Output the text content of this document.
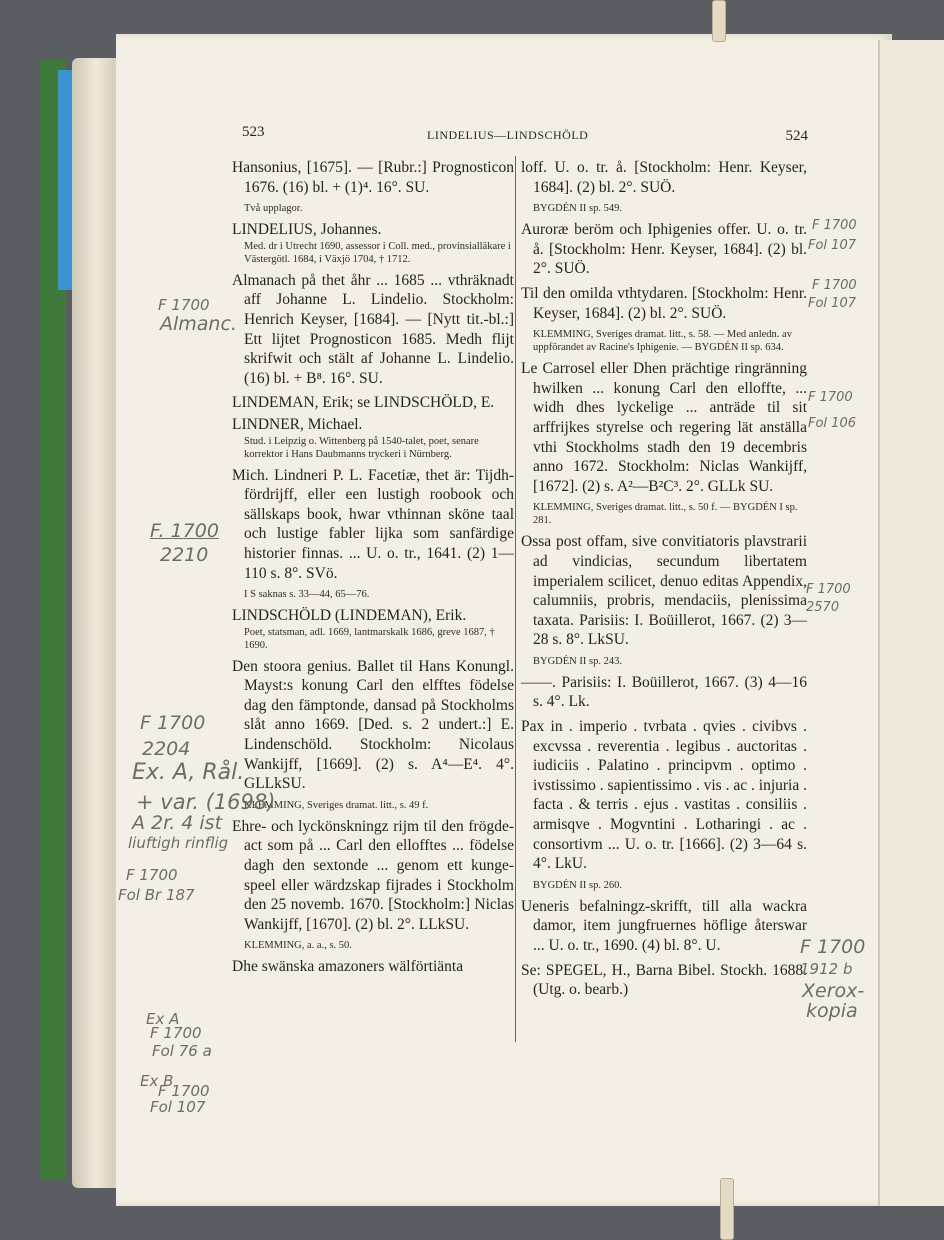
523	LINDELIUS—LINDSCHÖLD	524
Hansonius, [1675]. — [Rubr.:] Prognosticon 1676. (16) bl. + (1)⁴. 16°. SU.
Två upplagor.
LINDELIUS, Johannes.
Med. dr i Utrecht 1690, assessor i Coll. med., provinsialläkare i Västergötl. 1684, i Växjö 1704, † 1712.
Almanach på thet åhr ... 1685 ... vthräknadt aff Johanne L. Lindelio. Stockholm: Henrich Keyser, [1684]. — [Nytt tit.-bl.:] Ett lijtet Prognosticon 1685. Medh flijt skrifwit och stält af Johanne L. Lindelio. (16) bl. + B⁸. 16°. SU.
LINDEMAN, Erik; se LINDSCHÖLD, E.
LINDNER, Michael.
Stud. i Leipzig o. Wittenberg på 1540-talet, poet, senare korrektor i Hans Daubmanns tryckeri i Nürnberg.
Mich. Lindneri P. L. Facetiæ, thet är: Tijdh-fördrijff, eller een lustigh roobook och sällskaps book, hwar vthinnan sköne taal och lustige fabler lijka som sanfärdige historier finnas. ... U. o. tr., 1641. (2) 1—110 s. 8°. SVö.
I S saknas s. 33—44, 65—76.
LINDSCHÖLD (LINDEMAN), Erik.
Poet, statsman, adl. 1669, lantmarskalk 1686, greve 1687, † 1690.
Den stoora genius. Ballet til Hans Konungl. Mayst:s konung Carl den elfftes födelse dag den fämptonde, dansad på Stockholms slåt anno 1669. [Ded. s. 2 undert.:] E. Lindenschöld. Stockholm: Nicolaus Wankijff, [1669]. (2) s. A⁴—E⁴. 4°. GLLkSU.
KLEMMING, Sveriges dramat. litt., s. 49 f.
Ehre- och lyckönskningz rijm til den frögde-act som på ... Carl den ellofftes ... födelse dagh den sextonde ... genom ett kunge-speel eller wärdzskap fijrades i Stockholm den 25 novemb. 1670. [Stockholm:] Niclas Wankijff, [1670]. (2) bl. 2°. LLkSU.
KLEMMING, a. a., s. 50.
Dhe swänska amazoners wälförtiänta
loff. U. o. tr. å. [Stockholm: Henr. Keyser, 1684]. (2) bl. 2°. SUÖ.
BYGDÉN II sp. 549.
Auroræ beröm och Iphigenies offer. U. o. tr. å. [Stockholm: Henr. Keyser, 1684]. (2) bl. 2°. SUÖ.
Til den omilda vthtydaren. [Stockholm: Henr. Keyser, 1684]. (2) bl. 2°. SUÖ.
KLEMMING, Sveriges dramat. litt., s. 58. — Med anledn. av uppförandet av Racine's Iphigenie. — BYGDÉN II sp. 634.
Le Carrosel eller Dhen prächtige ringränning hwilken ... konung Carl den elloffte, ... widh dhes lyckelige ... anträde til sit arffrijkes styrelse och regering lät anställa vthi Stockholms stadh den 19 decembris anno 1672. Stockholm: Niclas Wankijff, [1672]. (2) s. A²—B²C³. 2°. GLLk SU.
KLEMMING, Sveriges dramat. litt., s. 50 f. — BYGDÉN I sp. 281.
Ossa post offam, sive convitiatoris plavstrarii ad vindicias, secundum libertatem imperialem scilicet, denuo editas Appendix, calumniis, probris, mendaciis, plenissima taxata. Parisiis: I. Boüillerot, 1667. (2) 3—28 s. 8°. LkSU.
BYGDÉN II sp. 243.
——. Parisiis: I. Boüillerot, 1667. (3) 4—16 s. 4°. Lk.
Pax in . imperio . tvrbata . qvies . civibvs . excvssa . reverentia . legibus . auctoritas . iudiciis . Palatino . principvm . optimo . ivstissimo . sapientissimo . vis . ac . injuria . facta . & terris . ejus . vastitas . consiliis . armisqve . Mogvntini . Lotharingi . ac . consortivm ... U. o. tr. [1666]. (2) 3—64 s. 4°. LkU.
BYGDÉN II sp. 260.
Ueneris befalningz-skrifft, till alla wackra damor, item jungfruernes höflige återswar ... U. o. tr., 1690. (4) bl. 8°. U.
Se: SPEGEL, H., Barna Bibel. Stockh. 1688. (Utg. o. bearb.)
F 1700
Almanc.
F. 1700
2210
F 1700
2204
Ex. A, Rål.
+ var. (1698)
A 2r. 4 ist
liuftigh rinflig
F 1700
Fol Br 187
Ex A
F 1700
Fol 76 a
Ex B
F 1700
Fol 107
F 1700
Fol 107
F 1700
Fol 107
F 1700
Fol 106
F 1700
2570
F 1700
1912 b
Xerox-
kopia
